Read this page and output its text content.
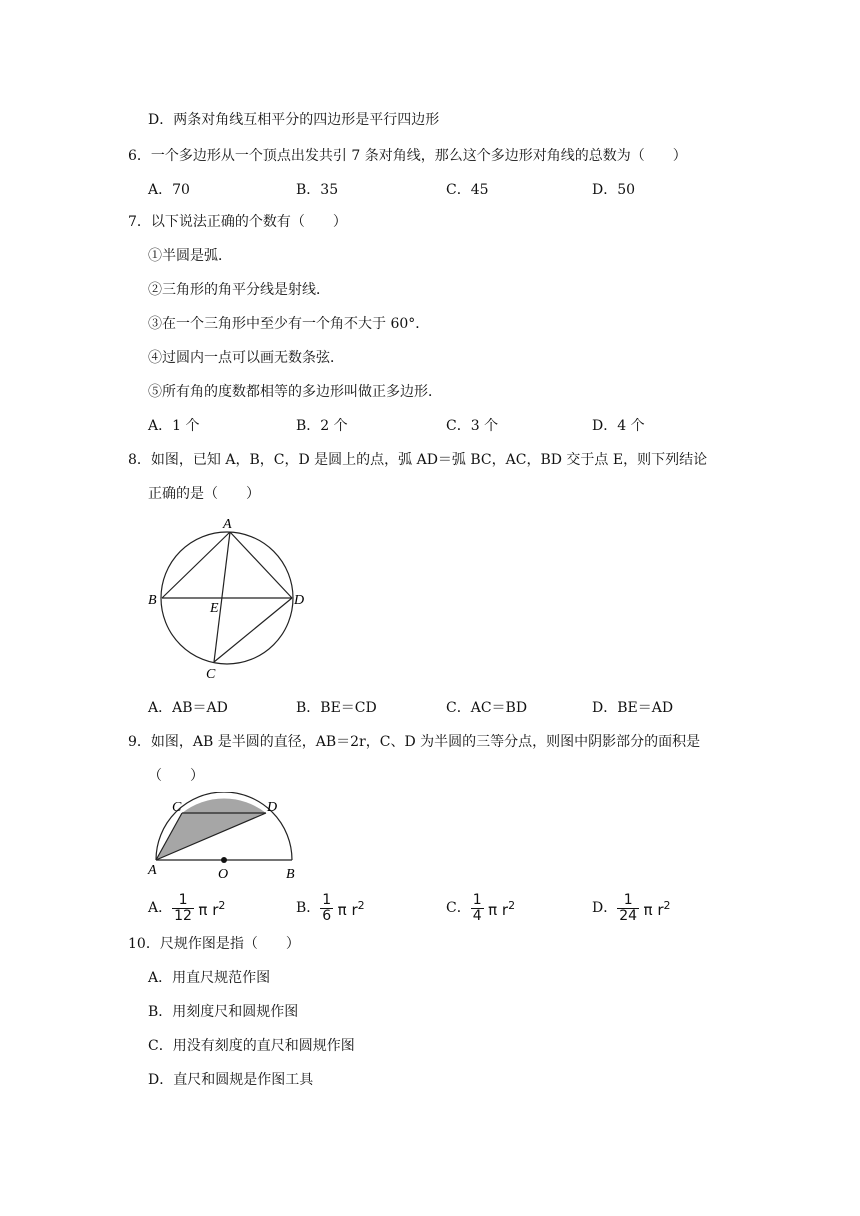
D．两条对角线互相平分的四边形是平行四边形
6．一个多边形从一个顶点出发共引 7 条对角线，那么这个多边形对角线的总数为（　　）
A．70	B．35	C．45	D．50
7．以下说法正确的个数有（　　）
①半圆是弧．
②三角形的角平分线是射线．
③在一个三角形中至少有一个角不大于 60°．
④过圆内一点可以画无数条弦．
⑤所有角的度数都相等的多边形叫做正多边形．
A．1 个	B．2 个	C．3 个	D．4 个
8．如图，已知 A，B，C，D 是圆上的点，弧 AD＝弧 BC，AC，BD 交于点 E，则下列结论
正确的是（　　）
A
B
E
D
C
A．AB＝AD	B．BE＝CD	C．AC＝BD	D．BE＝AD
9．如图，AB 是半圆的直径，AB＝2r，C、D 为半圆的三等分点，则图中阴影部分的面积是
（　　）
C	D
A	O	B
A． $\frac{1}{12}$ π $r^2$	B． $\frac{1}{6}$ π $r^2$	C． $\frac{1}{4}$ π $r^2$	D． $\frac{1}{24}$ π $r^2$
10．尺规作图是指（　　）
A．用直尺规范作图
B．用刻度尺和圆规作图
C．用没有刻度的直尺和圆规作图
D．直尺和圆规是作图工具
